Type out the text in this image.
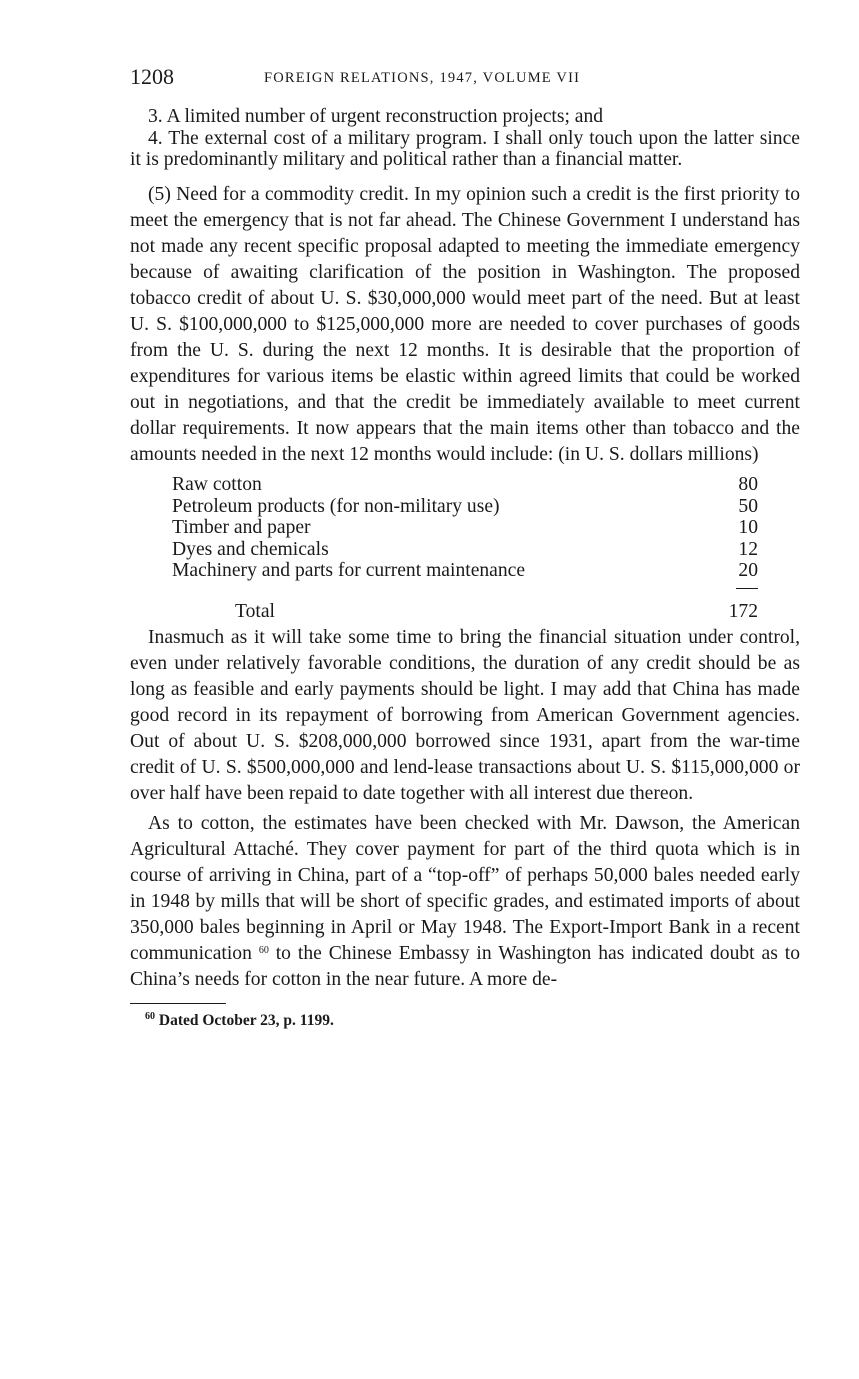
1208	FOREIGN RELATIONS, 1947, VOLUME VII

3. A limited number of urgent reconstruction projects; and

4. The external cost of a military program. I shall only touch upon the latter since it is predominantly military and political rather than a financial matter.

(5) Need for a commodity credit. In my opinion such a credit is the first priority to meet the emergency that is not far ahead. The Chinese Government I understand has not made any recent specific proposal adapted to meeting the immediate emergency because of awaiting clarification of the position in Washington. The proposed tobacco credit of about U. S. $30,000,000 would meet part of the need. But at least U. S. $100,000,000 to $125,000,000 more are needed to cover purchases of goods from the U. S. during the next 12 months. It is desirable that the proportion of expenditures for various items be elastic within agreed limits that could be worked out in negotiations, and that the credit be immediately available to meet current dollar requirements. It now appears that the main items other than tobacco and the amounts needed in the next 12 months would include: (in U. S. dollars millions)

Raw cotton	80
Petroleum products (for non-military use)	50
Timber and paper	10
Dyes and chemicals	12
Machinery and parts for current maintenance	20
Total	172

Inasmuch as it will take some time to bring the financial situation under control, even under relatively favorable conditions, the duration of any credit should be as long as feasible and early payments should be light. I may add that China has made good record in its repayment of borrowing from American Government agencies. Out of about U. S. $208,000,000 borrowed since 1931, apart from the war-time credit of U. S. $500,000,000 and lend-lease transactions about U. S. $115,000,000 or over half have been repaid to date together with all interest due thereon.

As to cotton, the estimates have been checked with Mr. Dawson, the American Agricultural Attaché. They cover payment for part of the third quota which is in course of arriving in China, part of a “top-off” of perhaps 50,000 bales needed early in 1948 by mills that will be short of specific grades, and estimated imports of about 350,000 bales beginning in April or May 1948. The Export-Import Bank in a recent communication $^{60}$ to the Chinese Embassy in Washington has indicated doubt as to China’s needs for cotton in the near future. A more de-

$^{60}$ Dated October 23, p. 1199.
